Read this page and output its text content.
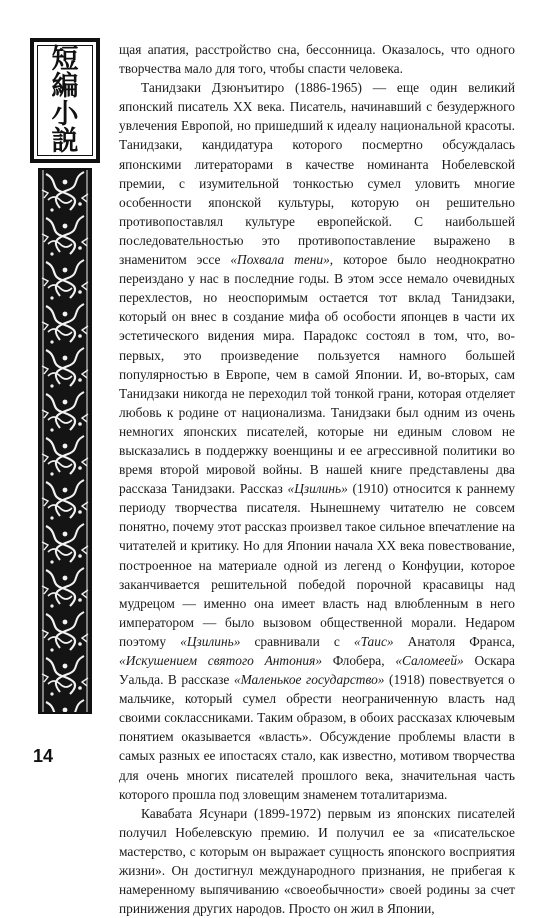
短
編
小
説

щая апатия, расстройство сна, бессонница. Оказалось, что одного творчества мало для того, чтобы спасти человека.

Танидзаки Дзюнъитиро (1886-1965) — еще один великий японский писатель XX века. Писатель, начинавший с безудержного увлечения Европой, но пришедший к идеалу национальной красоты. Танидзаки, кандидатура которого посмертно обсуждалась японскими литераторами в качестве номинанта Нобелевской премии, с изумительной тонкостью сумел уловить многие особенности японской культуры, которую он решительно противопоставлял культуре европейской. С наибольшей последовательностью это противопоставление выражено в знаменитом эссе «Похвала тени», которое было неоднократно переиздано у нас в последние годы. В этом эссе немало очевидных перехлестов, но неоспоримым остается тот вклад Танидзаки, который он внес в создание мифа об особости японцев в части их эстетического видения мира. Парадокс состоял в том, что, во-первых, это произведение пользуется намного большей популярностью в Европе, чем в самой Японии. И, во-вторых, сам Танидзаки никогда не переходил той тонкой грани, которая отделяет любовь к родине от национализма. Танидзаки был одним из очень немногих японских писателей, которые ни единым словом не высказались в поддержку военщины и ее агрессивной политики во время второй мировой войны. В нашей книге представлены два рассказа Танидзаки. Рассказ «Цзилинь» (1910) относится к раннему периоду творчества писателя. Нынешнему читателю не совсем понятно, почему этот рассказ произвел такое сильное впечатление на читателей и критику. Но для Японии начала XX века повествование, построенное на материале одной из легенд о Конфуции, которое заканчивается решительной победой порочной красавицы над мудрецом — именно она имеет власть над влюбленным в него императором — было вызовом общественной морали. Недаром поэтому «Цзилинь» сравнивали с «Таис» Анатоля Франса, «Искушением святого Антония» Флобера, «Саломеей» Оскара Уальда. В рассказе «Маленькое государство» (1918) повествуется о мальчике, который сумел обрести неограниченную власть над своими соклассниками. Таким образом, в обоих рассказах ключевым понятием оказывается «власть». Обсуждение проблемы власти в самых разных ее ипостасях стало, как известно, мотивом творчества для очень многих писателей прошлого века, значительная часть которого прошла под зловещим знаменем тоталитаризма.

Кавабата Ясунари (1899-1972) первым из японских писателей получил Нобелевскую премию. И получил ее за «писательское мастерство, с которым он выражает сущность японского восприятия жизни». Он достигнул международного признания, не прибегая к намеренному выпячиванию «своеобычности» своей родины за счет принижения других народов. Просто он жил в Японии,

14
